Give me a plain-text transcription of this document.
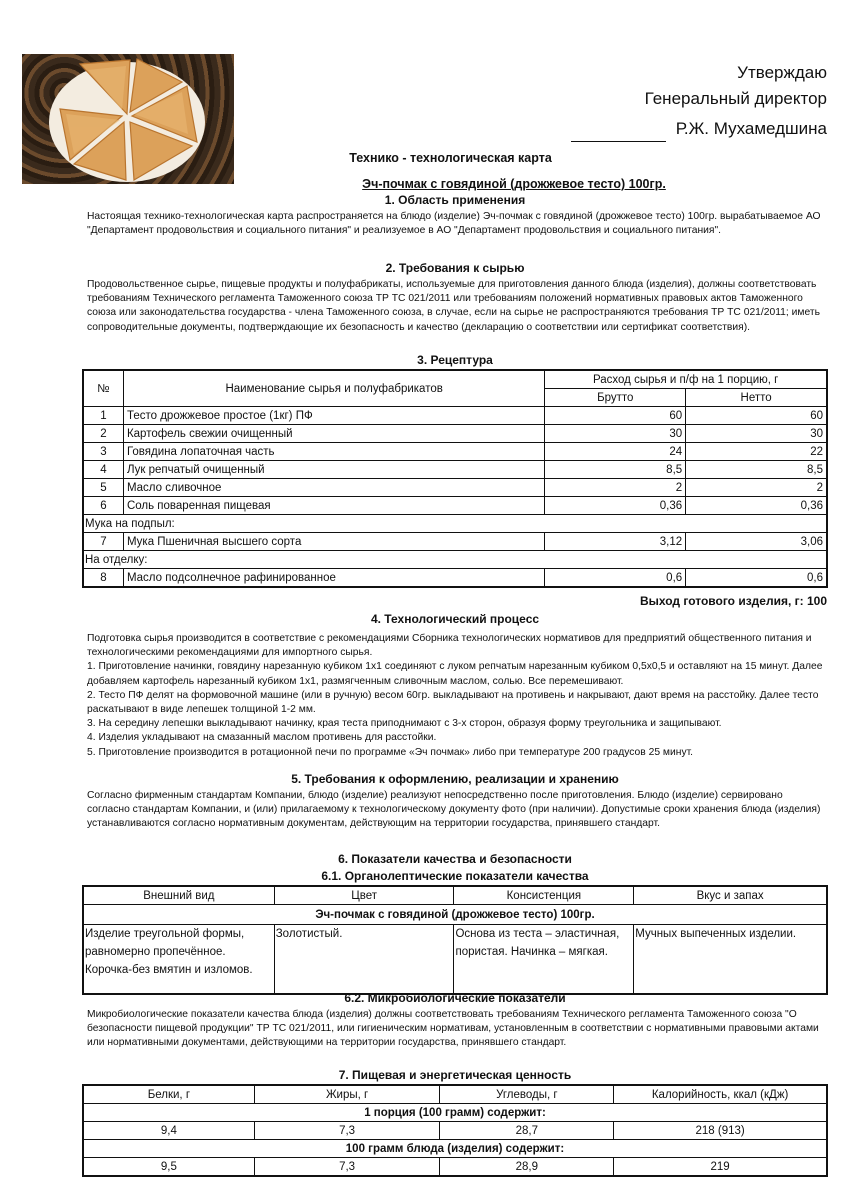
Утверждаю
Генеральный директор
Р.Ж. Мухамедшина
Технико - технологическая карта
Эч-почмак с говядиной (дрожжевое тесто) 100гр.
1. Область применения
Настоящая технико-технологическая карта распространяется на блюдо (изделие) Эч-почмак с говядиной (дрожжевое тесто) 100гр. вырабатываемое АО "Департамент продовольствия и социального питания" и реализуемое в АО "Департамент продовольствия и социального питания".
2. Требования к сырью
Продовольственное сырье, пищевые продукты и полуфабрикаты, используемые для приготовления данного блюда (изделия), должны соответствовать требованиям Технического регламента Таможенного союза ТР ТС 021/2011 или требованиям положений нормативных правовых актов Таможенного союза или законодательства государства - члена Таможенного союза, в случае, если на сырье не распространяются требования ТР ТС 021/2011; иметь сопроводительные документы, подтверждающие их безопасность и качество (декларацию о соответствии или сертификат соответствия).
3. Рецептура
№	Наименование сырья и полуфабрикатов	Расход сырья и п/ф на 1 порцию, г	
		Брутто	Нетто
1	Тесто дрожжевое простое (1кг) ПФ	60	60
2	Картофель свежии очищенный	30	30
3	Говядина лопаточная часть	24	22
4	Лук репчатый очищенный	8,5	8,5
5	Масло сливочное	2	2
6	Соль поваренная пищевая	0,36	0,36
Мука на подпыл:			
7	Мука Пшеничная высшего сорта	3,12	3,06
На отделку:			
8	Масло подсолнечное рафинированное	0,6	0,6
Выход готового изделия, г: 100
4. Технологический процесс
Подготовка сырья производится в соответствие с рекомендациями Сборника технологических нормативов для предприятий общественного питания и технологическими рекомендациями для импортного сырья.
1. Приготовление начинки, говядину нарезанную кубиком 1х1 соединяют с луком репчатым нарезанным кубиком 0,5х0,5 и оставляют на 15 минут. Далее добавляем картофель нарезанный кубиком 1х1, размягченным сливочным маслом, солью. Все перемешивают.
2. Тесто ПФ делят на формовочной машине (или в ручную) весом 60гр. выкладывают на противень и накрывают, дают время на расстойку. Далее тесто раскатывают в виде лепешек толщиной 1-2 мм.
3. На середину лепешки выкладывают начинку, края теста приподнимают с 3-х сторон, образуя форму треугольника и защипывают.
4. Изделия укладывают на смазанный маслом противень для расстойки.
5. Приготовление производится в ротационной печи по программе «Эч почмак» либо при температуре 200 градусов 25 минут.
5. Требования к оформлению, реализации и хранению
Согласно фирменным стандартам Компании, блюдо (изделие) реализуют непосредственно после приготовления. Блюдо (изделие) сервировано согласно стандартам Компании, и (или) прилагаемому к технологическому документу фото (при наличии). Допустимые сроки хранения блюда (изделия) устанавливаются согласно нормативным документам, действующим на территории государства, принявшего стандарт.
6. Показатели качества и безопасности
6.1. Органолептические показатели качества
Внешний вид	Цвет	Консистенция	Вкус и запах
Эч-почмак с говядиной (дрожжевое тесто) 100гр.			
Изделие треугольной формы, равномерно пропечённое. Корочка-без вмятин и изломов.	Золотистый.	Основа из теста – эластичная, пористая. Начинка – мягкая.	Мучных выпеченных изделии.
6.2. Микробиологические показатели
Микробиологические показатели качества блюда (изделия) должны соответствовать требованиям Технического регламента Таможенного союза "О безопасности пищевой продукции" ТР ТС 021/2011, или гигиеническим нормативам, установленным в соответствии с нормативными правовыми актами или нормативными документами, действующими на территории государства, принявшего стандарт.
7. Пищевая и энергетическая ценность
Белки, г	Жиры, г	Углеводы, г	Калорийность, ккал (кДж)
1 порция (100 грамм) содержит:			
9,4	7,3	28,7	218 (913)
100 грамм блюда (изделия) содержит:			
9,5	7,3	28,9	219
